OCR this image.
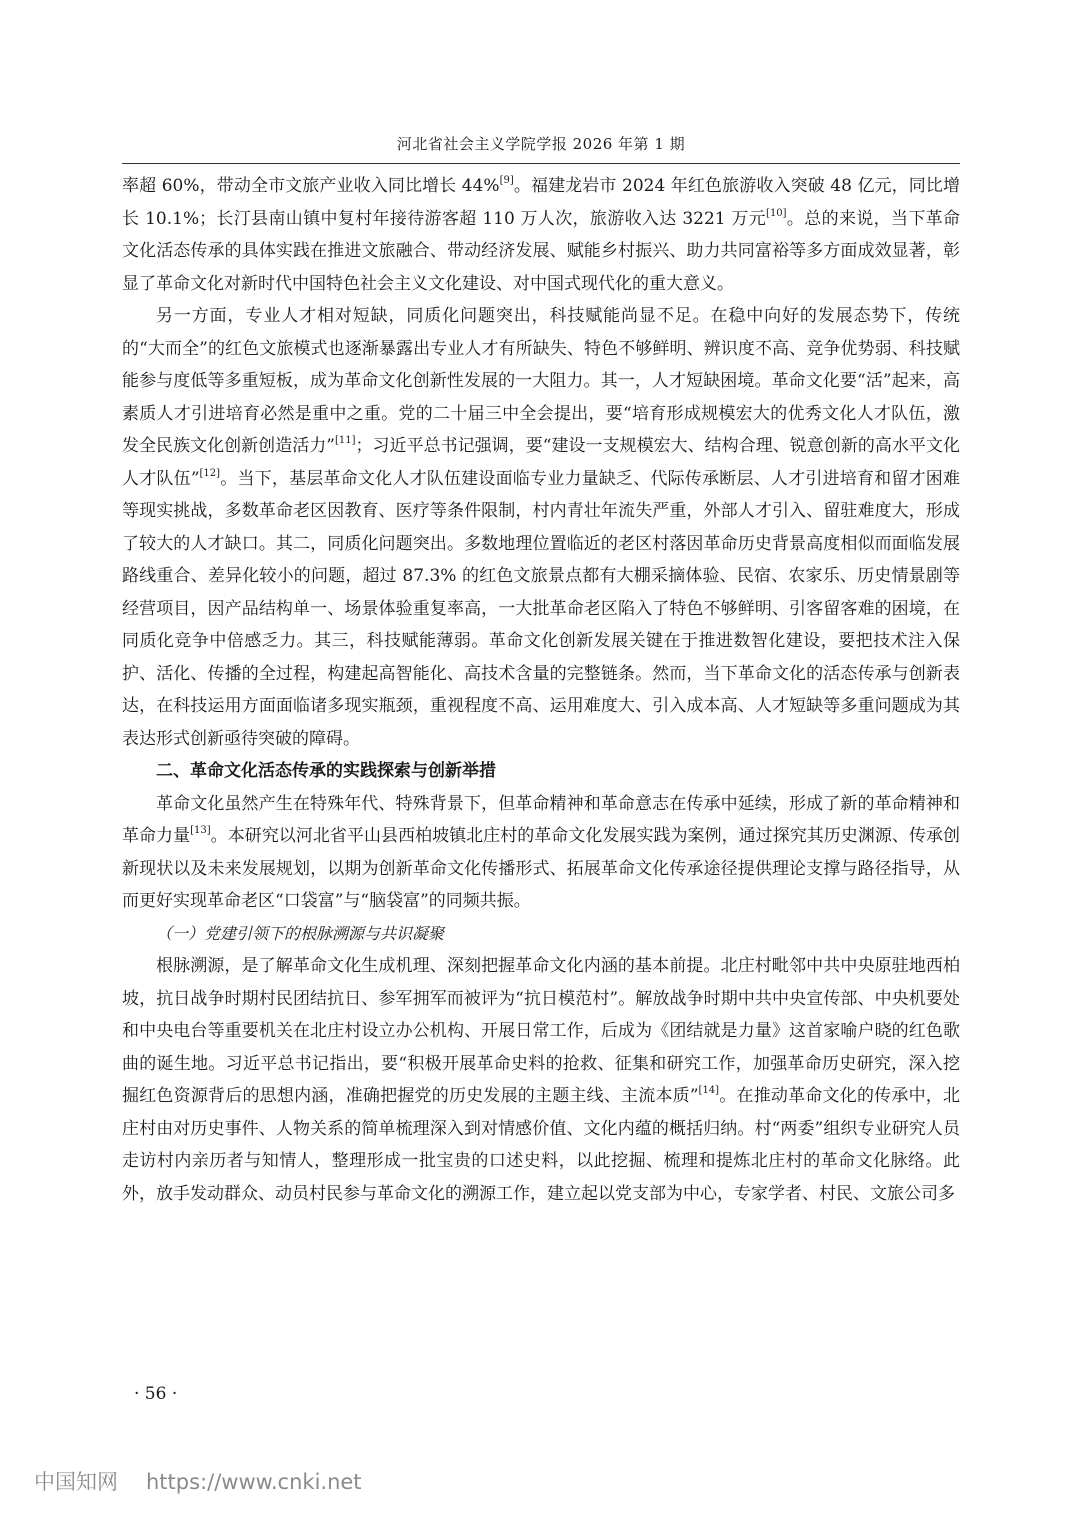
河北省社会主义学院学报 2026 年第 1 期

率超 60%，带动全市文旅产业收入同比增长 44%[9]。福建龙岩市 2024 年红色旅游收入突破 48 亿元，同比增长 10.1%；长汀县南山镇中复村年接待游客超 110 万人次，旅游收入达 3221 万元[10]。总的来说，当下革命文化活态传承的具体实践在推进文旅融合、带动经济发展、赋能乡村振兴、助力共同富裕等多方面成效显著，彰显了革命文化对新时代中国特色社会主义文化建设、对中国式现代化的重大意义。

另一方面，专业人才相对短缺，同质化问题突出，科技赋能尚显不足。在稳中向好的发展态势下，传统的“大而全”的红色文旅模式也逐渐暴露出专业人才有所缺失、特色不够鲜明、辨识度不高、竞争优势弱、科技赋能参与度低等多重短板，成为革命文化创新性发展的一大阻力。其一，人才短缺困境。革命文化要“活”起来，高素质人才引进培育必然是重中之重。党的二十届三中全会提出，要“培育形成规模宏大的优秀文化人才队伍，激发全民族文化创新创造活力”[11]；习近平总书记强调，要“建设一支规模宏大、结构合理、锐意创新的高水平文化人才队伍”[12]。当下，基层革命文化人才队伍建设面临专业力量缺乏、代际传承断层、人才引进培育和留才困难等现实挑战，多数革命老区因教育、医疗等条件限制，村内青壮年流失严重，外部人才引入、留驻难度大，形成了较大的人才缺口。其二，同质化问题突出。多数地理位置临近的老区村落因革命历史背景高度相似而面临发展路线重合、差异化较小的问题，超过 87.3% 的红色文旅景点都有大棚采摘体验、民宿、农家乐、历史情景剧等经营项目，因产品结构单一、场景体验重复率高，一大批革命老区陷入了特色不够鲜明、引客留客难的困境，在同质化竞争中倍感乏力。其三，科技赋能薄弱。革命文化创新发展关键在于推进数智化建设，要把技术注入保护、活化、传播的全过程，构建起高智能化、高技术含量的完整链条。然而，当下革命文化的活态传承与创新表达，在科技运用方面面临诸多现实瓶颈，重视程度不高、运用难度大、引入成本高、人才短缺等多重问题成为其表达形式创新亟待突破的障碍。

二、革命文化活态传承的实践探索与创新举措

革命文化虽然产生在特殊年代、特殊背景下，但革命精神和革命意志在传承中延续，形成了新的革命精神和革命力量[13]。本研究以河北省平山县西柏坡镇北庄村的革命文化发展实践为案例，通过探究其历史渊源、传承创新现状以及未来发展规划，以期为创新革命文化传播形式、拓展革命文化传承途径提供理论支撑与路径指导，从而更好实现革命老区“口袋富”与“脑袋富”的同频共振。

（一）党建引领下的根脉溯源与共识凝聚

根脉溯源，是了解革命文化生成机理、深刻把握革命文化内涵的基本前提。北庄村毗邻中共中央原驻地西柏坡，抗日战争时期村民团结抗日、参军拥军而被评为“抗日模范村”。解放战争时期中共中央宣传部、中央机要处和中央电台等重要机关在北庄村设立办公机构、开展日常工作，后成为《团结就是力量》这首家喻户晓的红色歌曲的诞生地。习近平总书记指出，要“积极开展革命史料的抢救、征集和研究工作，加强革命历史研究，深入挖掘红色资源背后的思想内涵，准确把握党的历史发展的主题主线、主流本质”[14]。在推动革命文化的传承中，北庄村由对历史事件、人物关系的简单梳理深入到对情感价值、文化内蕴的概括归纳。村“两委”组织专业研究人员走访村内亲历者与知情人，整理形成一批宝贵的口述史料，以此挖掘、梳理和提炼北庄村的革命文化脉络。此外，放手发动群众、动员村民参与革命文化的溯源工作，建立起以党支部为中心，专家学者、村民、文旅公司多

· 56 ·
中国知网 https://www.cnki.net
